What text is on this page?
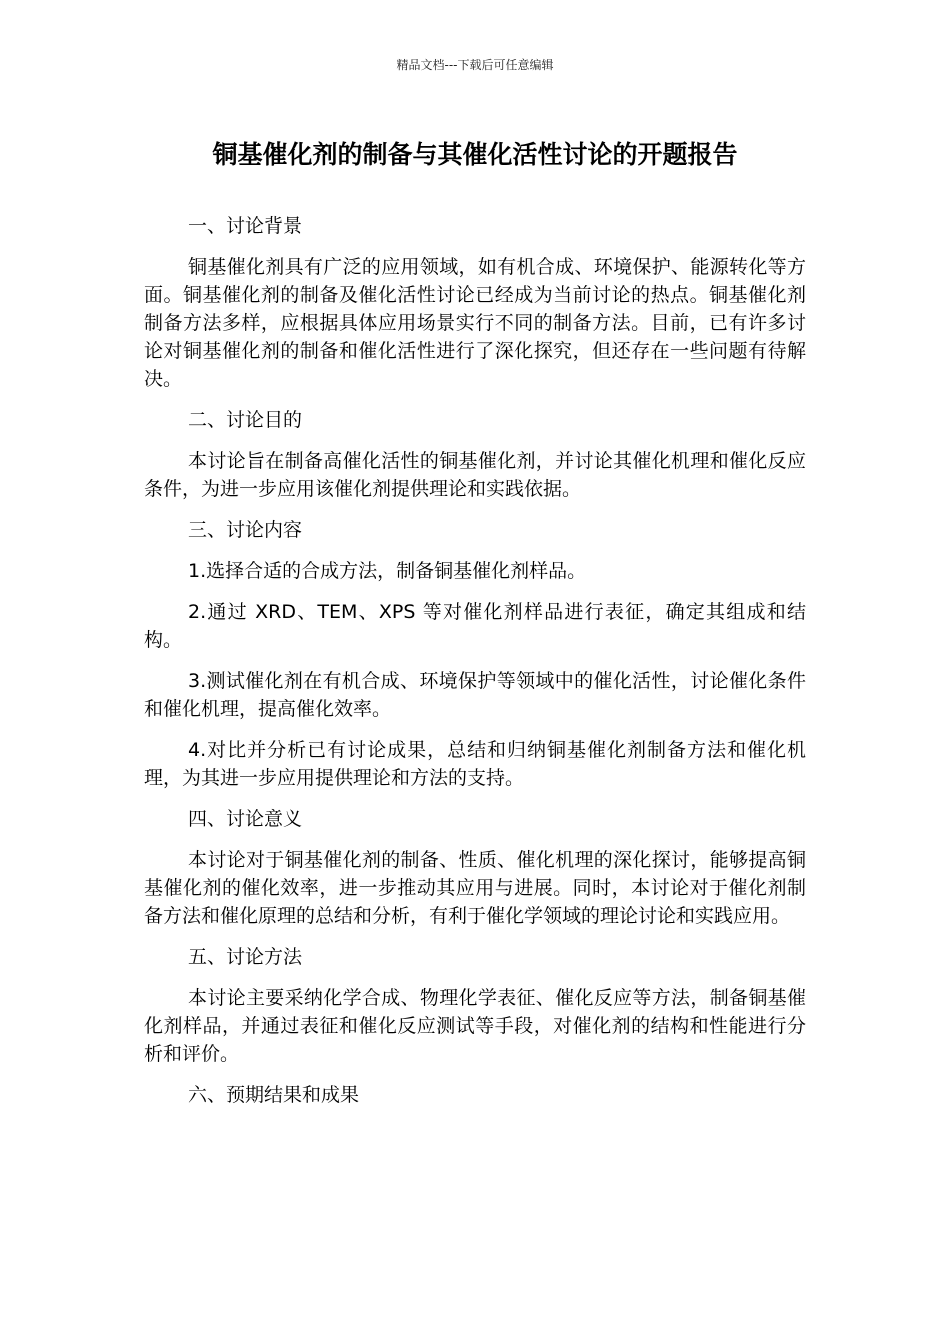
精品文档---下载后可任意编辑
铜基催化剂的制备与其催化活性讨论的开题报告

一、讨论背景

铜基催化剂具有广泛的应用领域，如有机合成、环境保护、能源转化等方面。铜基催化剂的制备及催化活性讨论已经成为当前讨论的热点。铜基催化剂制备方法多样，应根据具体应用场景实行不同的制备方法。目前，已有许多讨论对铜基催化剂的制备和催化活性进行了深化探究，但还存在一些问题有待解决。

二、讨论目的

本讨论旨在制备高催化活性的铜基催化剂，并讨论其催化机理和催化反应条件，为进一步应用该催化剂提供理论和实践依据。

三、讨论内容

1.选择合适的合成方法，制备铜基催化剂样品。

2.通过 XRD、TEM、XPS 等对催化剂样品进行表征，确定其组成和结构。

3.测试催化剂在有机合成、环境保护等领域中的催化活性，讨论催化条件和催化机理，提高催化效率。

4.对比并分析已有讨论成果，总结和归纳铜基催化剂制备方法和催化机理，为其进一步应用提供理论和方法的支持。

四、讨论意义

本讨论对于铜基催化剂的制备、性质、催化机理的深化探讨，能够提高铜基催化剂的催化效率，进一步推动其应用与进展。同时，本讨论对于催化剂制备方法和催化原理的总结和分析，有利于催化学领域的理论讨论和实践应用。

五、讨论方法

本讨论主要采纳化学合成、物理化学表征、催化反应等方法，制备铜基催化剂样品，并通过表征和催化反应测试等手段，对催化剂的结构和性能进行分析和评价。

六、预期结果和成果
